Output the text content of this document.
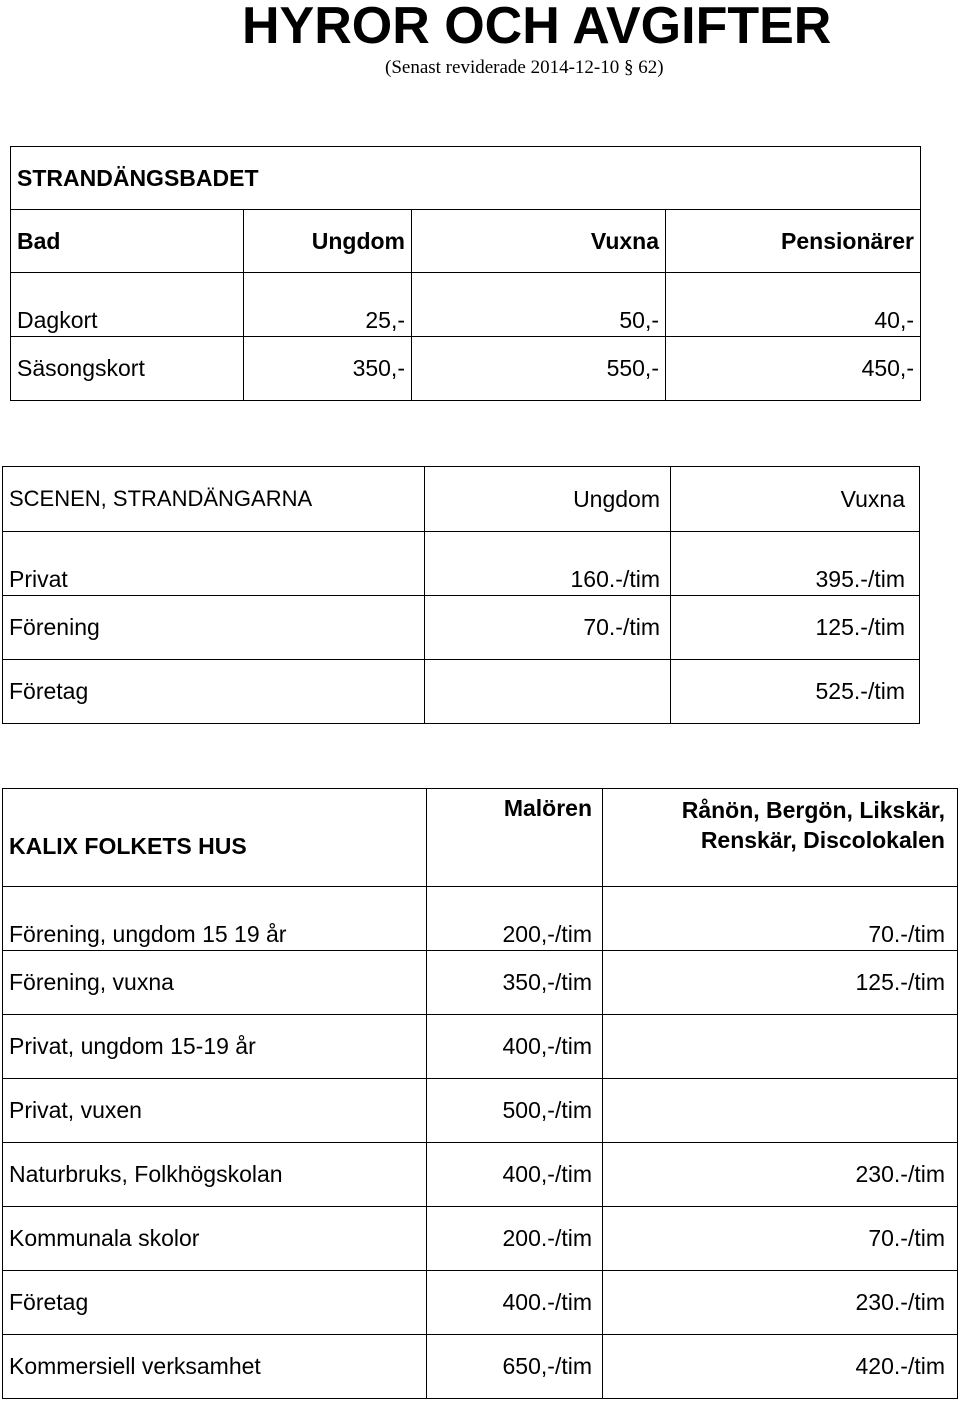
HYROR OCH AVGIFTER
(Senast reviderade 2014-12-10 § 62)
STRANDÄNGSBADET			
Bad	Ungdom	Vuxna	Pensionärer
Dagkort	25,-	50,-	40,-
Säsongskort	350,-	550,-	450,-
SCENEN, STRANDÄNGARNA	Ungdom	Vuxna
Privat	160.-/tim	395.-/tim
Förening	70.-/tim	125.-/tim
Företag		525.-/tim
KALIX FOLKETS HUS	Malören	Rånön, Bergön, Likskär,
Renskär, Discolokalen

Förening, ungdom 15 19 år	200,-/tim	70.-/tim
Förening, vuxna	350,-/tim	125.-/tim
Privat, ungdom 15-19 år	400,-/tim	
Privat, vuxen	500,-/tim	
Naturbruks, Folkhögskolan	400,-/tim	230.-/tim
Kommunala skolor	200.-/tim	70.-/tim
Företag	400.-/tim	230.-/tim
Kommersiell verksamhet	650,-/tim	420.-/tim
